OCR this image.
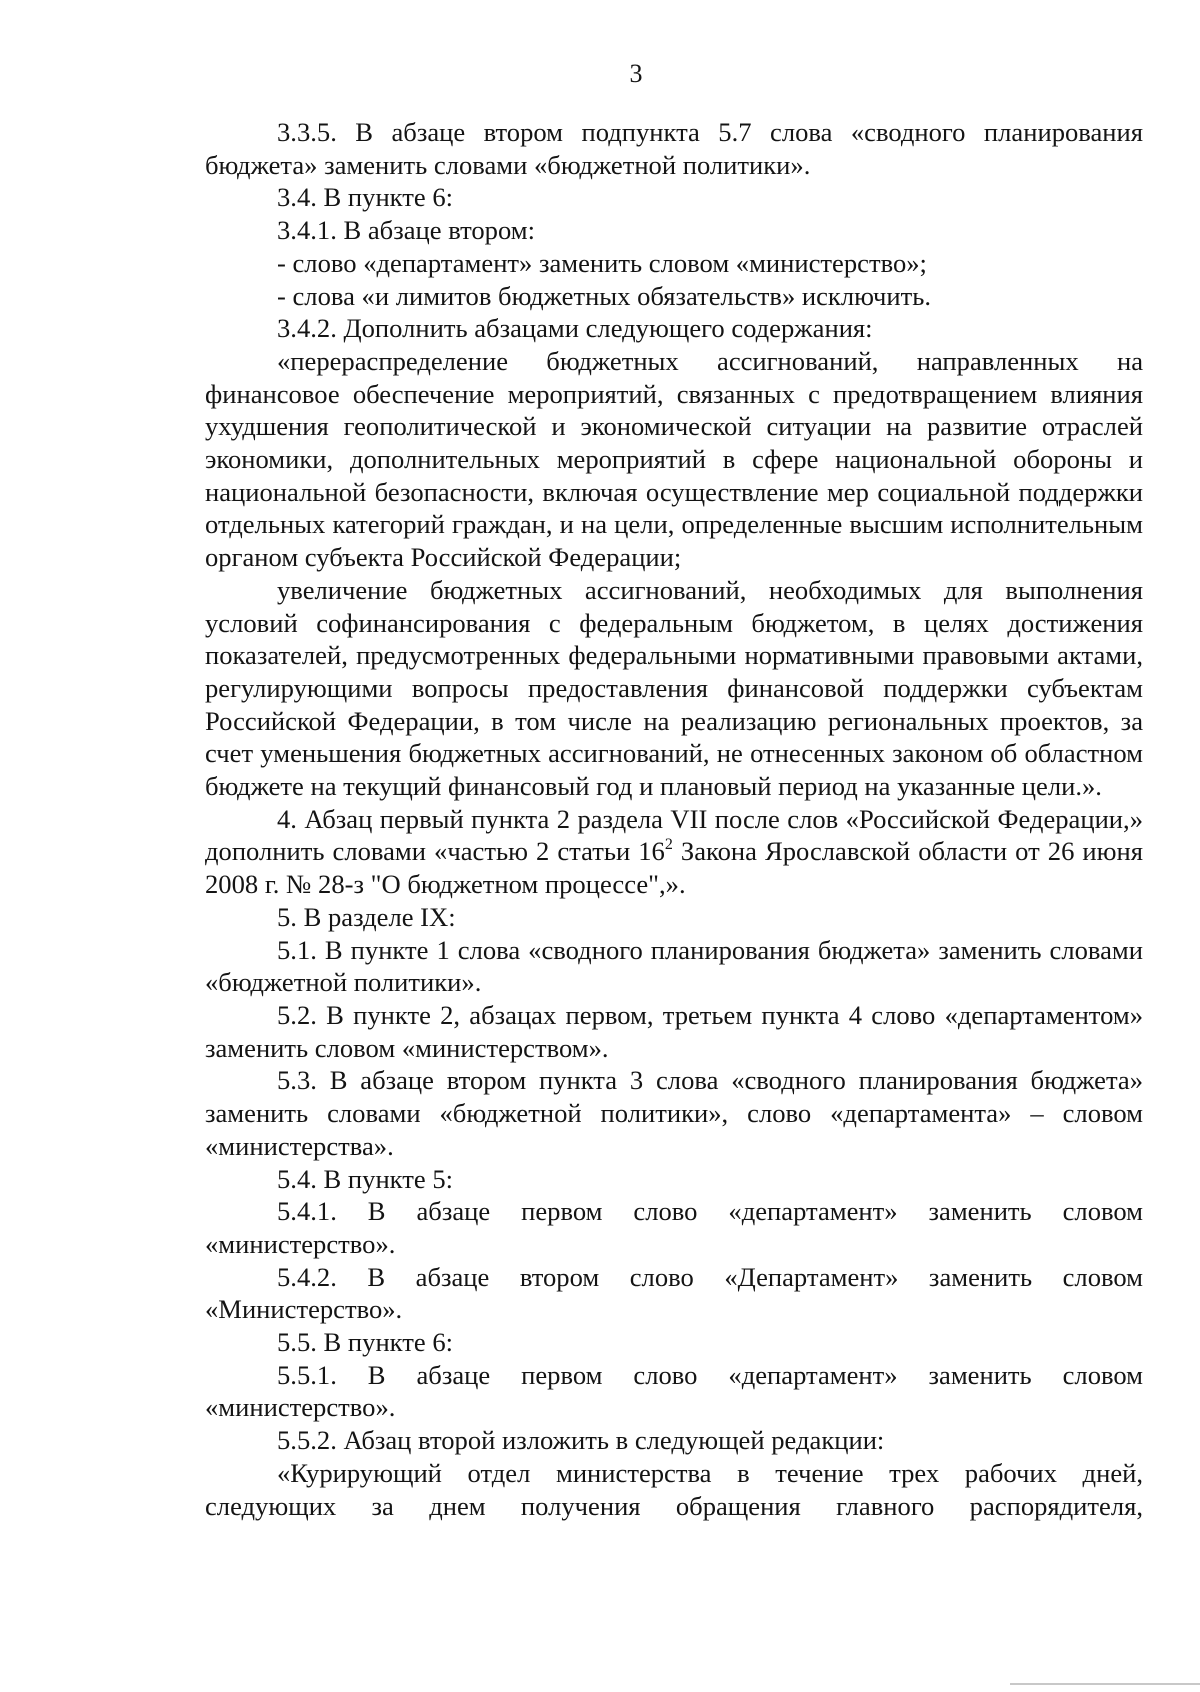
3

3.3.5. В абзаце втором подпункта 5.7 слова «сводного планирования бюджета» заменить словами «бюджетной политики».

3.4. В пункте 6:

3.4.1. В абзаце втором:

- слово «департамент» заменить словом «министерство»;

- слова «и лимитов бюджетных обязательств» исключить.

3.4.2. Дополнить абзацами следующего содержания:

«перераспределение бюджетных ассигнований, направленных на финансовое обеспечение мероприятий, связанных с предотвращением влияния ухудшения геополитической и экономической ситуации на развитие отраслей экономики, дополнительных мероприятий в сфере национальной обороны и национальной безопасности, включая осуществление мер социальной поддержки отдельных категорий граждан, и на цели, определенные высшим исполнительным органом субъекта Российской Федерации;

увеличение бюджетных ассигнований, необходимых для выполнения условий софинансирования с федеральным бюджетом, в целях достижения показателей, предусмотренных федеральными нормативными правовыми актами, регулирующими вопросы предоставления финансовой поддержки субъектам Российской Федерации, в том числе на реализацию региональных проектов, за счет уменьшения бюджетных ассигнований, не отнесенных законом об областном бюджете на текущий финансовый год и плановый период на указанные цели.».

4. Абзац первый пункта 2 раздела VII после слов «Российской Федерации,» дополнить словами «частью 2 статьи $16^2$ Закона Ярославской области от 26 июня 2008 г. № 28-з "О бюджетном процессе",».

5. В разделе IX:

5.1. В пункте 1 слова «сводного планирования бюджета» заменить словами «бюджетной политики».

5.2. В пункте 2, абзацах первом, третьем пункта 4 слово «департаментом» заменить словом «министерством».

5.3. В абзаце втором пункта 3 слова «сводного планирования бюджета» заменить словами «бюджетной политики», слово «департамента» – словом «министерства».

5.4. В пункте 5:

5.4.1. В абзаце первом слово «департамент» заменить словом «министерство».

5.4.2. В абзаце втором слово «Департамент» заменить словом «Министерство».

5.5. В пункте 6:

5.5.1. В абзаце первом слово «департамент» заменить словом «министерство».

5.5.2. Абзац второй изложить в следующей редакции:

«Курирующий отдел министерства в течение трех рабочих дней, следующих за днем получения обращения главного распорядителя,
